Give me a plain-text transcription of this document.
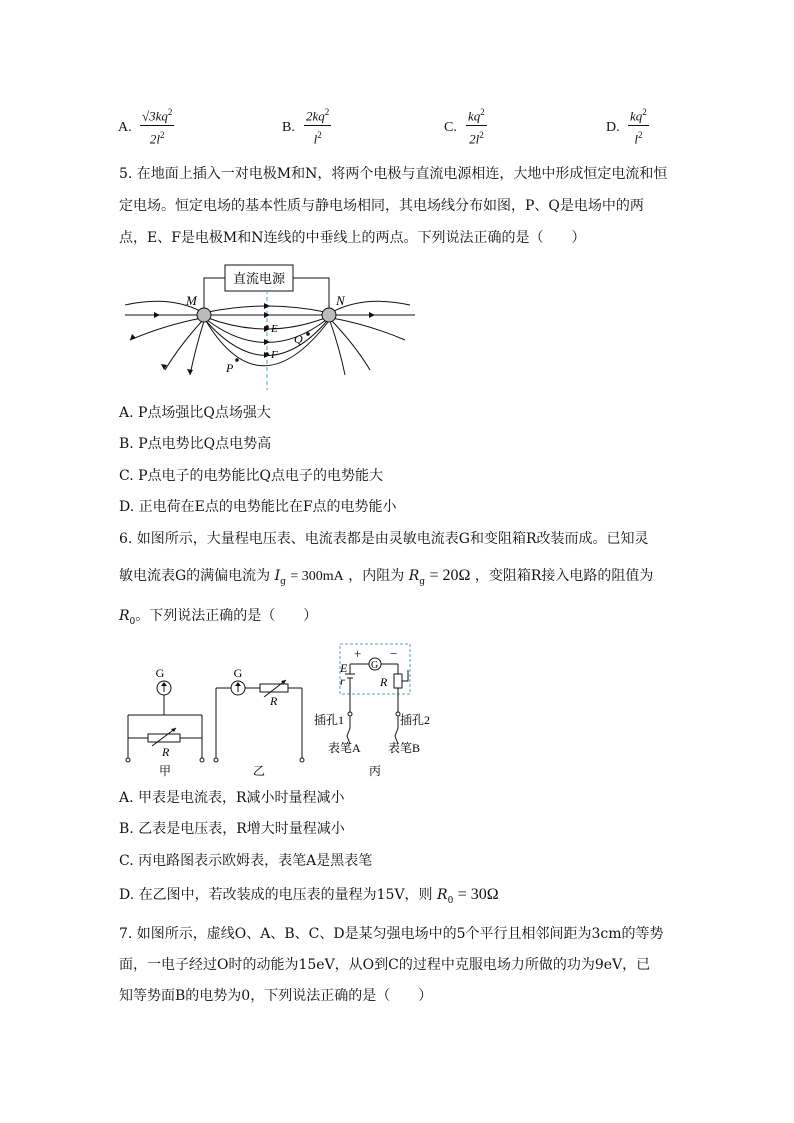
A. $\frac{√3kq^2}{2l^2}$	B. $\frac{2kq^2}{l^2}$	C. $\frac{kq^2}{2l^2}$	D. $\frac{kq^2}{l^2}$
5. 在地面上插入一对电极M和N，将两个电极与直流电源相连，大地中形成恒定电流和恒
定电场。恒定电场的基本性质与静电场相同，其电场线分布如图，P、Q是电场中的两
点，E、F是电极M和N连线的中垂线上的两点。下列说法正确的是（　　）
直流电源
M	N
E
F
P
Q
A. P点场强比Q点场强大
B. P点电势比Q点电势高
C. P点电子的电势能比Q点电子的电势能大
D. 正电荷在E点的电势能比在F点的电势能小
6. 如图所示，大量程电压表、电流表都是由灵敏电流表G和变阻箱R改装而成。已知灵
敏电流表G的满偏电流为 $I_g = 300mA$ ，内阻为 $R_g = 20\Omega$ ，变阻箱R接入电路的阻值为
$R_0$。下列说法正确的是（　　）
G
R
甲
G
R
乙
+ −
G
E
r	R
插孔1	插孔2
表笔A 表笔B
丙
A. 甲表是电流表，R减小时量程减小
B. 乙表是电压表，R增大时量程减小
C. 丙电路图表示欧姆表，表笔A是黑表笔
D. 在乙图中，若改装成的电压表的量程为15V，则 $R_0 = 30\Omega$
7. 如图所示，虚线O、A、B、C、D是某匀强电场中的5个平行且相邻间距为3cm的等势
面，一电子经过O时的动能为15eV，从O到C的过程中克服电场力所做的功为9eV，已
知等势面B的电势为0，下列说法正确的是（　　）
